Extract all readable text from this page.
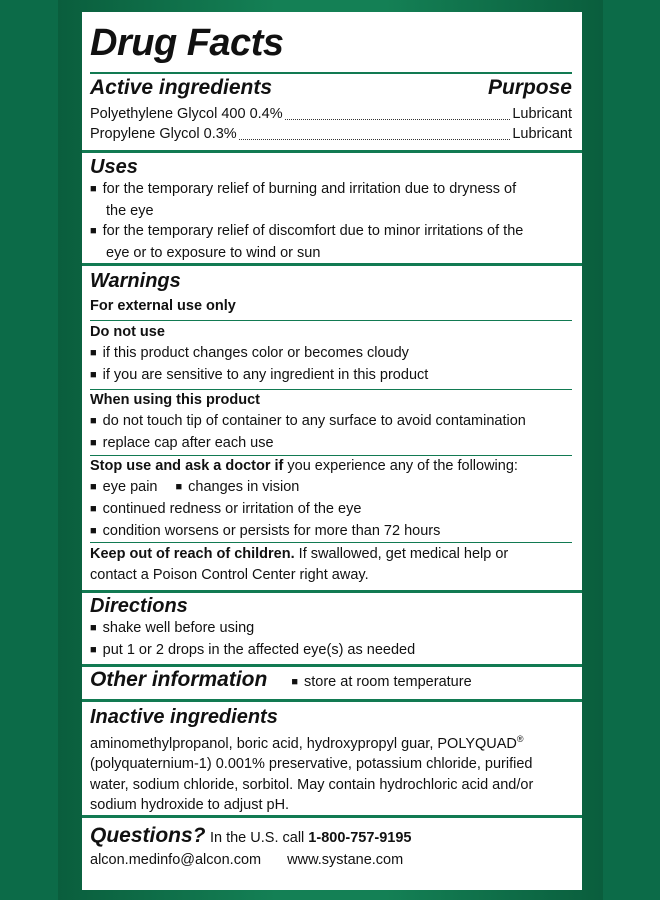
Drug Facts
Active ingredients	Purpose
Polyethylene Glycol 400 0.4%	Lubricant
Propylene Glycol 0.3%	Lubricant
Uses
■ for the temporary relief of burning and irritation due to dryness of
the eye
■ for the temporary relief of discomfort due to minor irritations of the
eye or to exposure to wind or sun
Warnings
For external use only
Do not use
■ if this product changes color or becomes cloudy
■ if you are sensitive to any ingredient in this product
When using this product
■ do not touch tip of container to any surface to avoid contamination
■ replace cap after each use
Stop use and ask a doctor if you experience any of the following:
■ eye pain ■ changes in vision
■ continued redness or irritation of the eye
■ condition worsens or persists for more than 72 hours
Keep out of reach of children. If swallowed, get medical help or
contact a Poison Control Center right away.
Directions
■ shake well before using
■ put 1 or 2 drops in the affected eye(s) as needed
Other information	■ store at room temperature
Inactive ingredients
aminomethylpropanol, boric acid, hydroxypropyl guar, POLYQUAD®
(polyquaternium-1) 0.001% preservative, potassium chloride, purified
water, sodium chloride, sorbitol. May contain hydrochloric acid and/or
sodium hydroxide to adjust pH.
Questions? In the U.S. call 1-800-757-9195
alcon.medinfo@alcon.com www.systane.com
